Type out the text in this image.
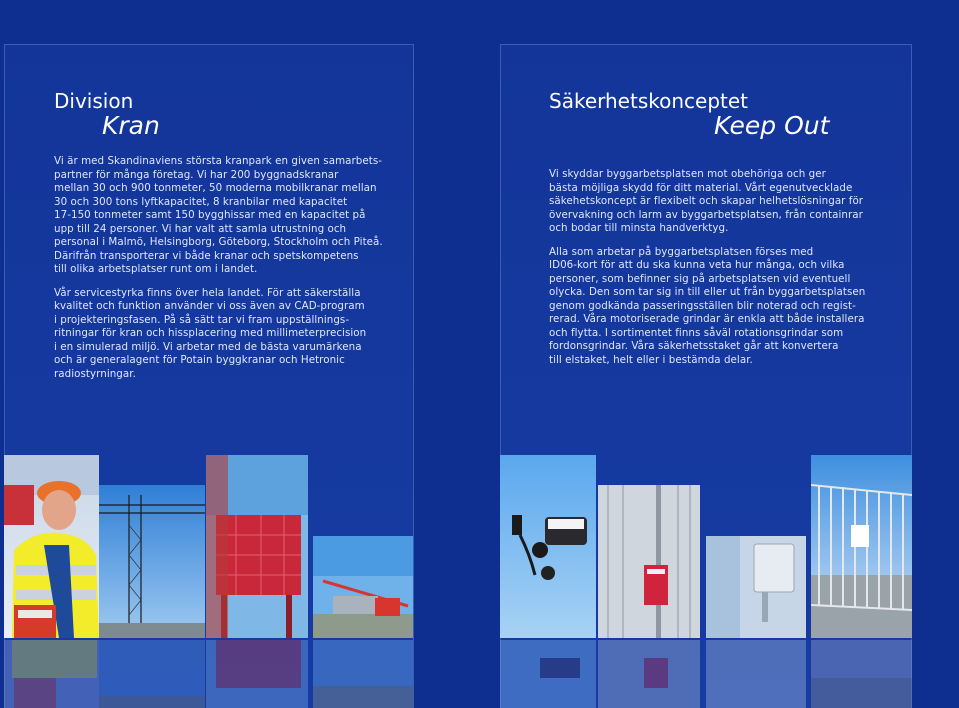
Division
Kran

Vi är med Skandinaviens största kranpark en given samarbets-
partner för många företag. Vi har 200 byggnadskranar
mellan 30 och 900 tonmeter, 50 moderna mobilkranar mellan
30 och 300 tons lyftkapacitet, 8 kranbilar med kapacitet
17-150 tonmeter samt 150 bygghissar med en kapacitet på
upp till 24 personer. Vi har valt att samla utrustning och
personal i Malmö, Helsingborg, Göteborg, Stockholm och Piteå.
Därifrån transporterar vi både kranar och spetskompetens
till olika arbetsplatser runt om i landet.

Vår servicestyrka finns över hela landet. För att säkerställa
kvalitet och funktion använder vi oss även av CAD-program
i projekteringsfasen. På så sätt tar vi fram uppställnings-
ritningar för kran och hissplacering med millimeterprecision
i en simulerad miljö. Vi arbetar med de bästa varumärkena
och är generalagent för Potain byggkranar och Hetronic
radiostyrningar.

Säkerhetskonceptet
Keep Out

Vi skyddar byggarbetsplatsen mot obehöriga och ger
bästa möjliga skydd för ditt material. Vårt egenutvecklade
säkehetskoncept är flexibelt och skapar helhetslösningar för
övervakning och larm av byggarbetsplatsen, från containrar
och bodar till minsta handverktyg.

Alla som arbetar på byggarbetsplatsen förses med
ID06-kort för att du ska kunna veta hur många, och vilka
personer, som befinner sig på arbetsplatsen vid eventuell
olycka. Den som tar sig in till eller ut från byggarbetsplatsen
genom godkända passeringsställen blir noterad och regist-
rerad. Våra motoriserade grindar är enkla att både installera
och flytta. I sortimentet finns såväl rotationsgrindar som
fordonsgrindar. Våra säkerhetsstaket går att konvertera
till elstaket, helt eller i bestämda delar.
